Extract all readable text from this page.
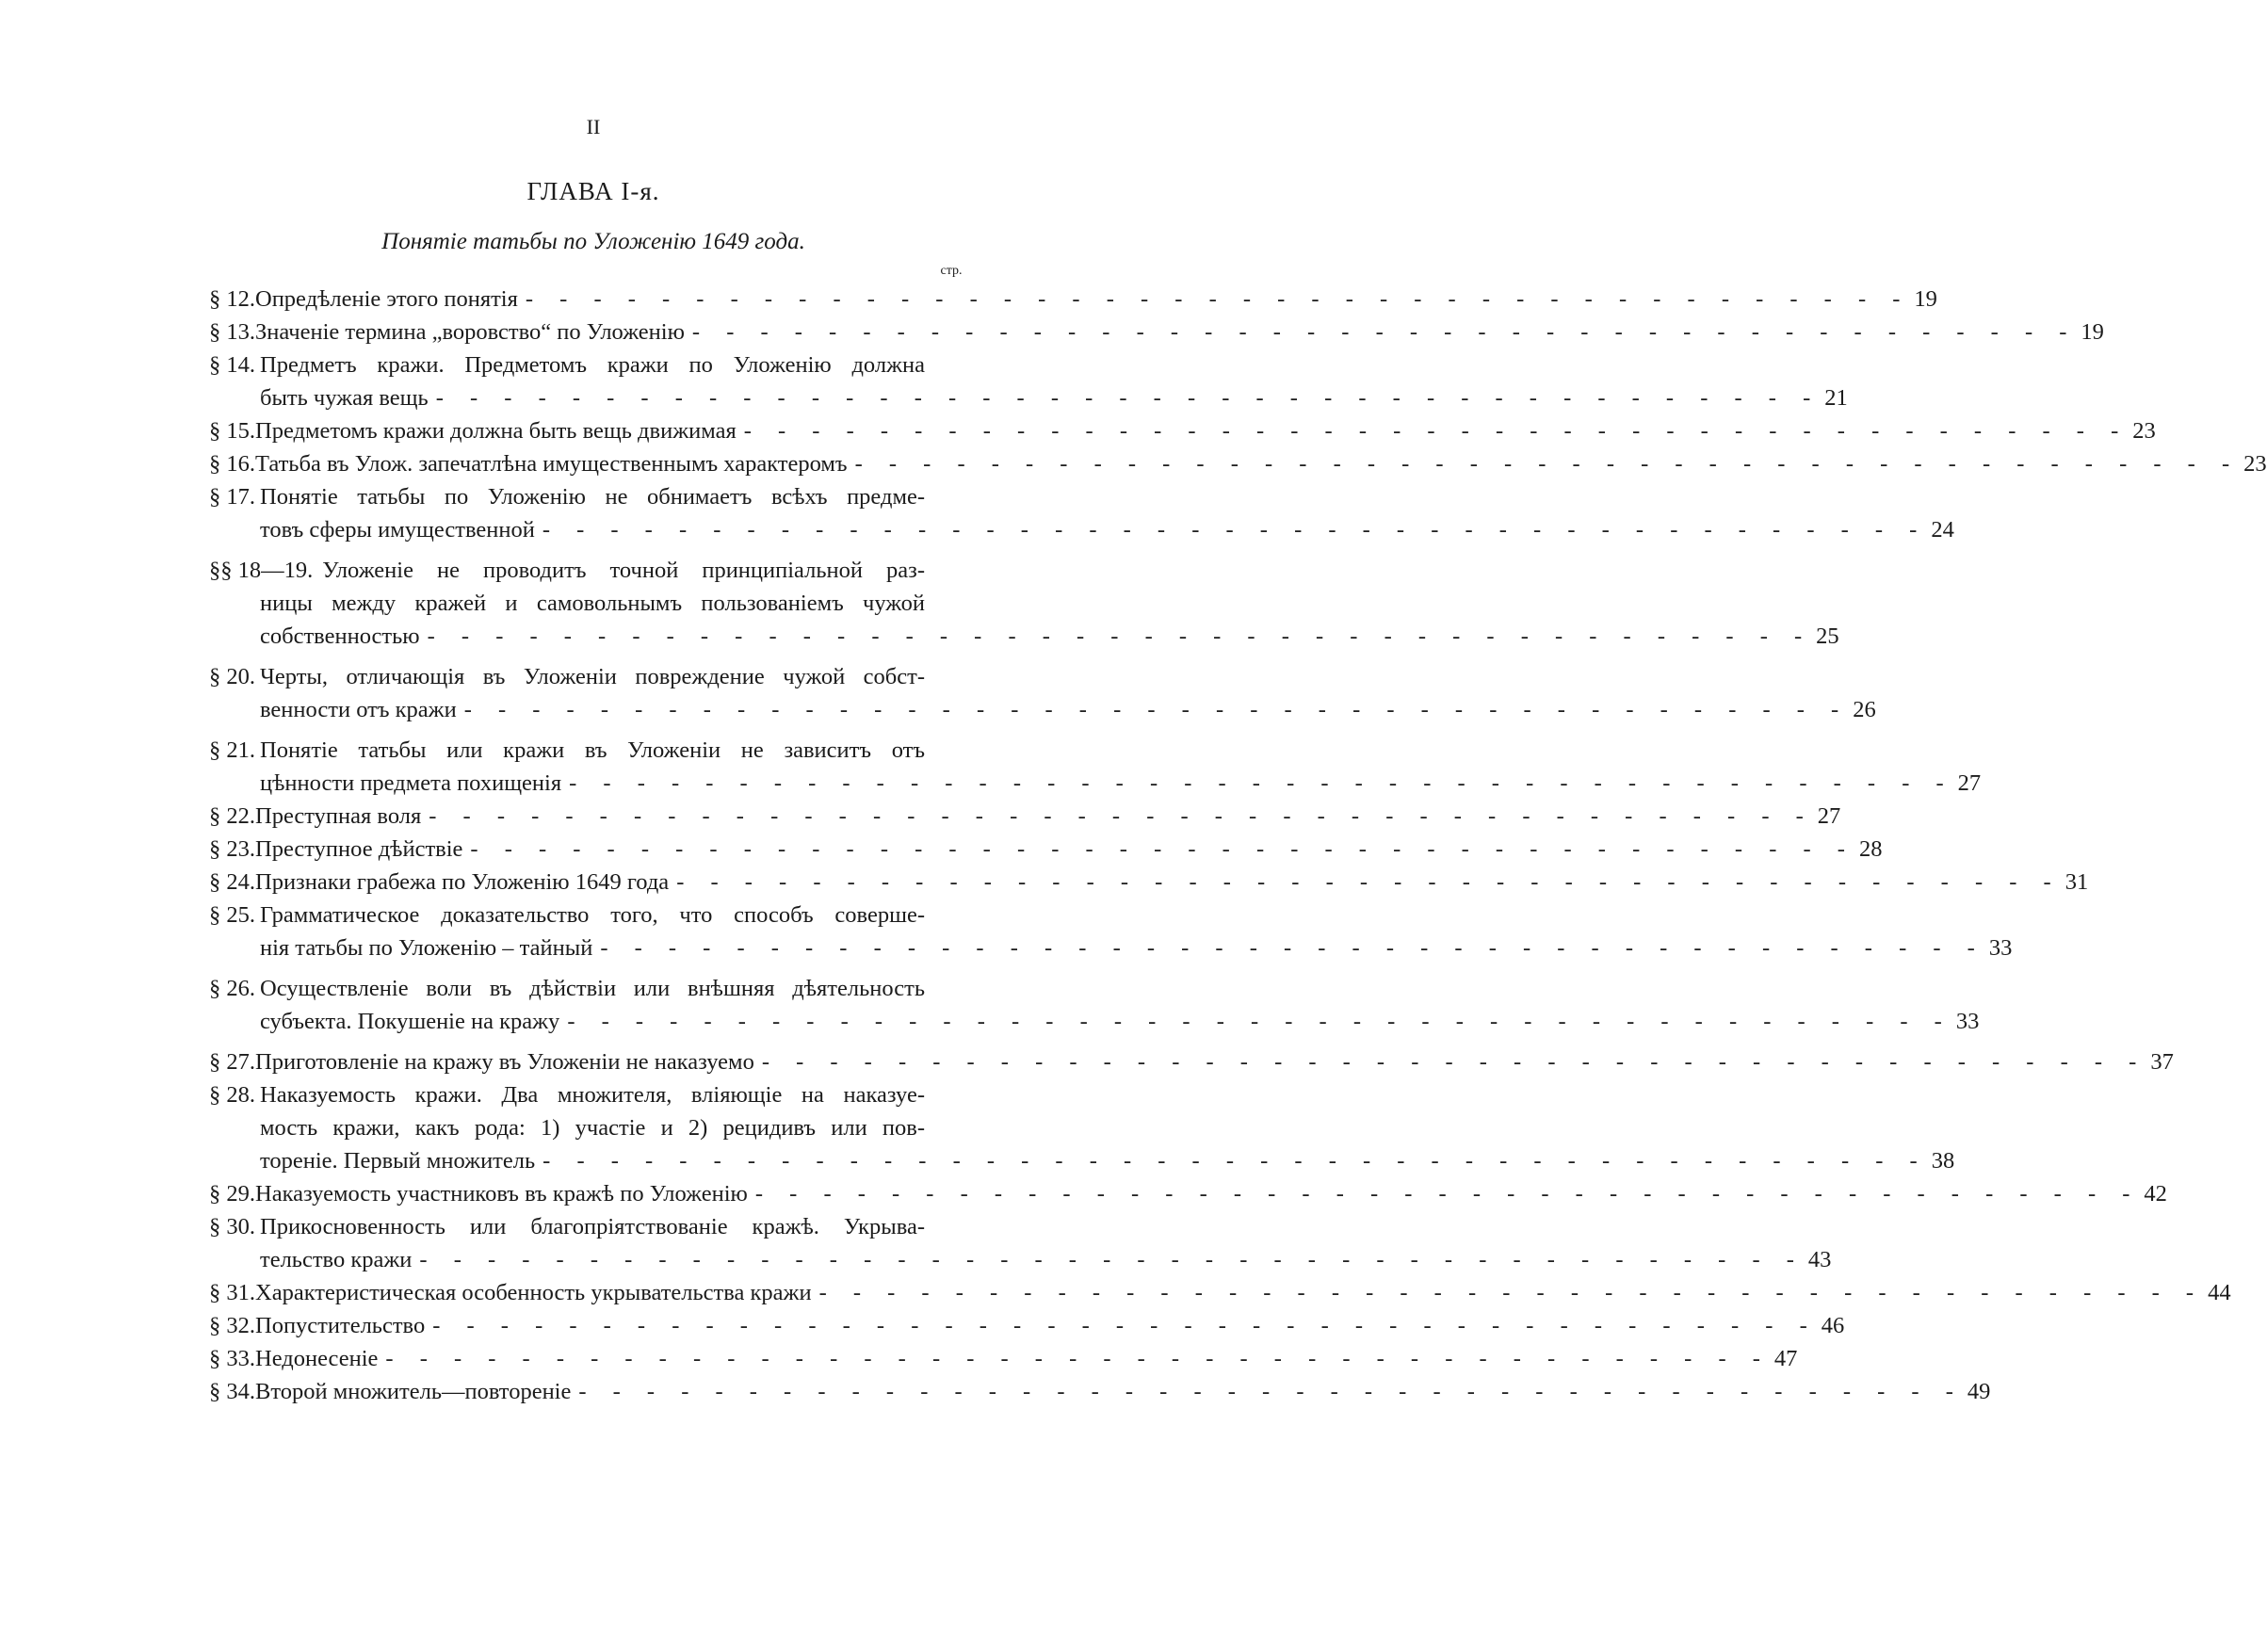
II
ГЛАВА I-я.
Понятіе татьбы по Уложенію 1649 года.
стр.
§ 12. Опредѣленіе этого понятія - - - - - - - - - - - - - - - - - - - - - - - - - - - - - - - - - - - - - - - - - 19
§ 13. Значеніе термина „воровство“ по Уложенію - - - - - - - - - - - - - - - - - - - - - - - - - - - - - - - - - - - - - - - - - 19
§ 14. Предметъ кражи. Предметомъ кражи по Уложенію должна
быть чужая вещь - - - - - - - - - - - - - - - - - - - - - - - - - - - - - - - - - - - - - - - - - 21
§ 15. Предметомъ кражи должна быть вещь движимая - - - - - - - - - - - - - - - - - - - - - - - - - - - - - - - - - - - - - - - - - 23
§ 16. Татьба въ Улож. запечатлѣна имущественнымъ характеромъ - - - - - - - - - - - - - - - - - - - - - - - - - - - - - - - - - - - - - - - - - 23
§ 17. Понятіе татьбы по Уложенію не обнимаетъ всѣхъ предме-
товъ сферы имущественной - - - - - - - - - - - - - - - - - - - - - - - - - - - - - - - - - - - - - - - - - 24
§§ 18—19. Уложеніе не проводитъ точной принципіальной раз-
ницы между кражей и самовольнымъ пользованіемъ чужой
собственностью - - - - - - - - - - - - - - - - - - - - - - - - - - - - - - - - - - - - - - - - - 25
§ 20. Черты, отличающія въ Уложеніи повреждение чужой собст-
венности отъ кражи - - - - - - - - - - - - - - - - - - - - - - - - - - - - - - - - - - - - - - - - - 26
§ 21. Понятіе татьбы или кражи въ Уложеніи не зависитъ отъ
цѣнности предмета похищенія - - - - - - - - - - - - - - - - - - - - - - - - - - - - - - - - - - - - - - - - - 27
§ 22. Преступная воля - - - - - - - - - - - - - - - - - - - - - - - - - - - - - - - - - - - - - - - - - 27
§ 23. Преступное дѣйствіе - - - - - - - - - - - - - - - - - - - - - - - - - - - - - - - - - - - - - - - - - 28
§ 24. Признаки грабежа по Уложенію 1649 года - - - - - - - - - - - - - - - - - - - - - - - - - - - - - - - - - - - - - - - - - 31
§ 25. Грамматическое доказательство того, что способъ соверше-
нія татьбы по Уложенію – тайный - - - - - - - - - - - - - - - - - - - - - - - - - - - - - - - - - - - - - - - - - 33
§ 26. Осуществленіе воли въ дѣйствіи или внѣшняя дѣятельность
субъекта. Покушеніе на кражу - - - - - - - - - - - - - - - - - - - - - - - - - - - - - - - - - - - - - - - - - 33
§ 27. Приготовленіе на кражу въ Уложеніи не наказуемо - - - - - - - - - - - - - - - - - - - - - - - - - - - - - - - - - - - - - - - - - 37
§ 28. Наказуемость кражи. Два множителя, вліяющіе на наказуе-
мость кражи, какъ рода: 1) участіе и 2) рецидивъ или пов-
тореніе. Первый множитель - - - - - - - - - - - - - - - - - - - - - - - - - - - - - - - - - - - - - - - - - 38
§ 29. Наказуемость участниковъ въ кражѣ по Уложенію - - - - - - - - - - - - - - - - - - - - - - - - - - - - - - - - - - - - - - - - - 42
§ 30. Прикосновенность или благопріятствованіе кражѣ. Укрыва-
тельство кражи - - - - - - - - - - - - - - - - - - - - - - - - - - - - - - - - - - - - - - - - - 43
§ 31. Характеристическая особенность укрывательства кражи - - - - - - - - - - - - - - - - - - - - - - - - - - - - - - - - - - - - - - - - - 44
§ 32. Попустительство - - - - - - - - - - - - - - - - - - - - - - - - - - - - - - - - - - - - - - - - - 46
§ 33. Недонесеніе - - - - - - - - - - - - - - - - - - - - - - - - - - - - - - - - - - - - - - - - - 47
§ 34. Второй множитель—повтореніе - - - - - - - - - - - - - - - - - - - - - - - - - - - - - - - - - - - - - - - - - 49
